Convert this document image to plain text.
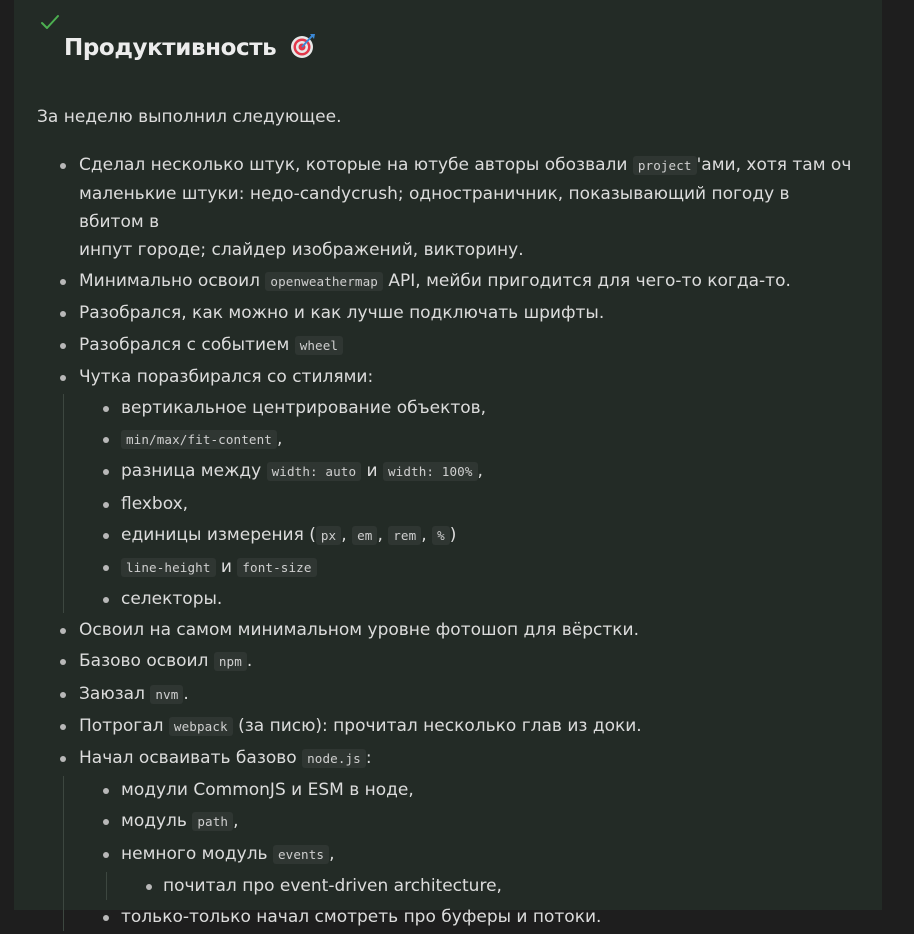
Продуктивность

За неделю выполнил следующее.

Сделал несколько штук, которые на ютубе авторы обозвали project 'ами, хотя там оч
маленькие штуки: недо-candycrush; одностраничник, показывающий погоду в вбитом в
инпут городе; слайдер изображений, викторину.
Минимально освоил openweathermap API, мейби пригодится для чего-то когда-то.
Разобрался, как можно и как лучше подключать шрифты.
Разобрался с событием wheel
Чутка поразбирался со стилями:
вертикальное центрирование объектов,
min/max/fit-content ,
разница между width: auto и width: 100% ,
flexbox,
единицы измерения ( px , em , rem , % )
line-height и font-size
селекторы.
Освоил на самом минимальном уровне фотошоп для вёрстки.
Базово освоил npm .
Заюзал nvm .
Потрогал webpack (за писю): прочитал несколько глав из доки.
Начал осваивать базово node.js :
модули CommonJS и ESM в ноде,
модуль path ,
немного модуль events ,
почитал про event-driven architecture,
только-только начал смотреть про буферы и потоки.
